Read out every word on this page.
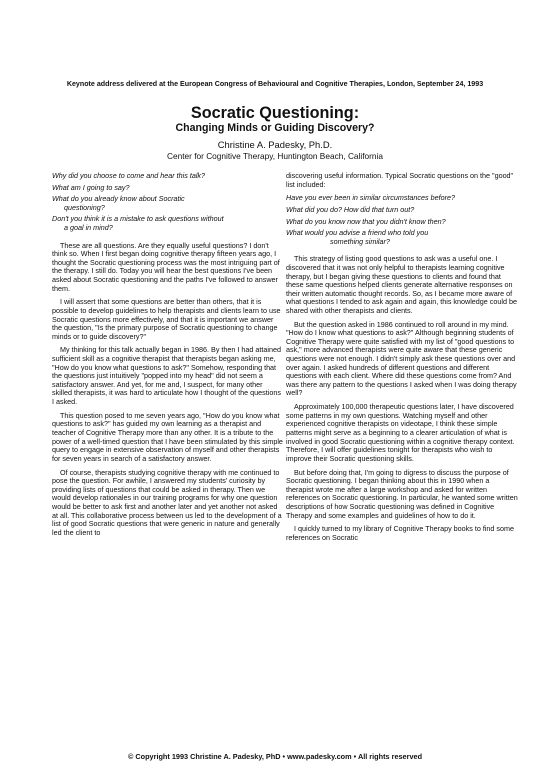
Keynote address delivered at the European Congress of Behavioural and Cognitive Therapies, London, September 24, 1993
Socratic Questioning:
Changing Minds or Guiding Discovery?
Christine A. Padesky, Ph.D.
Center for Cognitive Therapy, Huntington Beach, California
Why did you choose to come and hear this talk?
What am I going to say?
What do you already know about Socratic
questioning?
Don't you think it is a mistake to ask questions without
a goal in mind?
These are all questions. Are they equally useful questions? I don't think so. When I first began doing cognitive therapy fifteen years ago, I thought the Socratic questioning process was the most intriguing part of the therapy. I still do. Today you will hear the best questions I've been asked about Socratic questioning and the paths I've followed to answer them.
I will assert that some questions are better than others, that it is possible to develop guidelines to help therapists and clients learn to use Socratic questions more effectively, and that it is important we answer the question, "Is the primary purpose of Socratic questioning to change minds or to guide discovery?"
My thinking for this talk actually began in 1986. By then I had attained sufficient skill as a cognitive therapist that therapists began asking me, "How do you know what questions to ask?" Somehow, responding that the questions just intuitively "popped into my head" did not seem a satisfactory answer. And yet, for me and, I suspect, for many other skilled therapists, it was hard to articulate how I thought of the questions I asked.
This question posed to me seven years ago, "How do you know what questions to ask?" has guided my own learning as a therapist and teacher of Cognitive Therapy more than any other. It is a tribute to the power of a well-timed question that I have been stimulated by this simple query to engage in extensive observation of myself and other therapists for seven years in search of a satisfactory answer.
Of course, therapists studying cognitive therapy with me continued to pose the question. For awhile, I answered my students' curiosity by providing lists of questions that could be asked in therapy. Then we would develop rationales in our training programs for why one question would be better to ask first and another later and yet another not asked at all. This collaborative process between us led to the development of a list of good Socratic questions that were generic in nature and generally led the client to
discovering useful information. Typical Socratic questions on the "good" list included:
Have you ever been in similar circumstances before?
What did you do? How did that turn out?
What do you know now that you didn't know then?
What would you advise a friend who told you
something similar?
This strategy of listing good questions to ask was a useful one. I discovered that it was not only helpful to therapists learning cognitive therapy, but I began giving these questions to clients and found that these same questions helped clients generate alternative responses on their written automatic thought records. So, as I became more aware of what questions I tended to ask again and again, this knowledge could be shared with other therapists and clients.
But the question asked in 1986 continued to roll around in my mind. "How do I know what questions to ask?" Although beginning students of Cognitive Therapy were quite satisfied with my list of "good questions to ask," more advanced therapists were quite aware that these generic questions were not enough. I didn't simply ask these questions over and over again. I asked hundreds of different questions and different questions with each client. Where did these questions come from? And was there any pattern to the questions I asked when I was doing therapy well?
Approximately 100,000 therapeutic questions later, I have discovered some patterns in my own questions. Watching myself and other experienced cognitive therapists on videotape, I think these simple patterns might serve as a beginning to a clearer articulation of what is involved in good Socratic questioning within a cognitive therapy context. Therefore, I will offer guidelines tonight for therapists who wish to improve their Socratic questioning skills.
But before doing that, I'm going to digress to discuss the purpose of Socratic questioning. I began thinking about this in 1990 when a therapist wrote me after a large workshop and asked for written references on Socratic questioning. In particular, he wanted some written descriptions of how Socratic questioning was defined in Cognitive Therapy and some examples and guidelines of how to do it.
I quickly turned to my library of Cognitive Therapy books to find some references on Socratic
© Copyright 1993 Christine A. Padesky, PhD • www.padesky.com • All rights reserved
